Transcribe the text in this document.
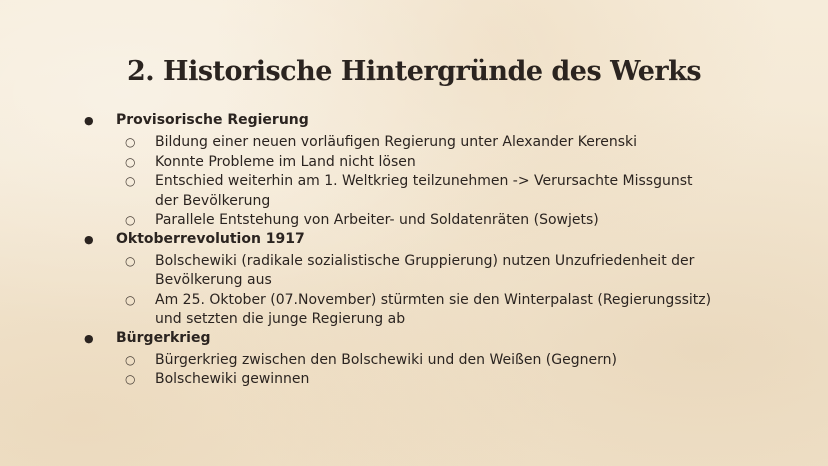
2. Historische Hintergründe des Werks
●	Provisorische Regierung
○	Bildung einer neuen vorläufigen Regierung unter Alexander Kerenski
○	Konnte Probleme im Land nicht lösen
○	Entschied weiterhin am 1. Weltkrieg teilzunehmen -> Verursachte Missgunst der Bevölkerung
○	Parallele Entstehung von Arbeiter- und Soldatenräten (Sowjets)
●	Oktoberrevolution 1917
○	Bolschewiki (radikale sozialistische Gruppierung) nutzen Unzufriedenheit der Bevölkerung aus
○	Am 25. Oktober (07.November) stürmten sie den Winterpalast (Regierungssitz) und setzten die junge Regierung ab
●	Bürgerkrieg
○	Bürgerkrieg zwischen den Bolschewiki und den Weißen (Gegnern)
○	Bolschewiki gewinnen
